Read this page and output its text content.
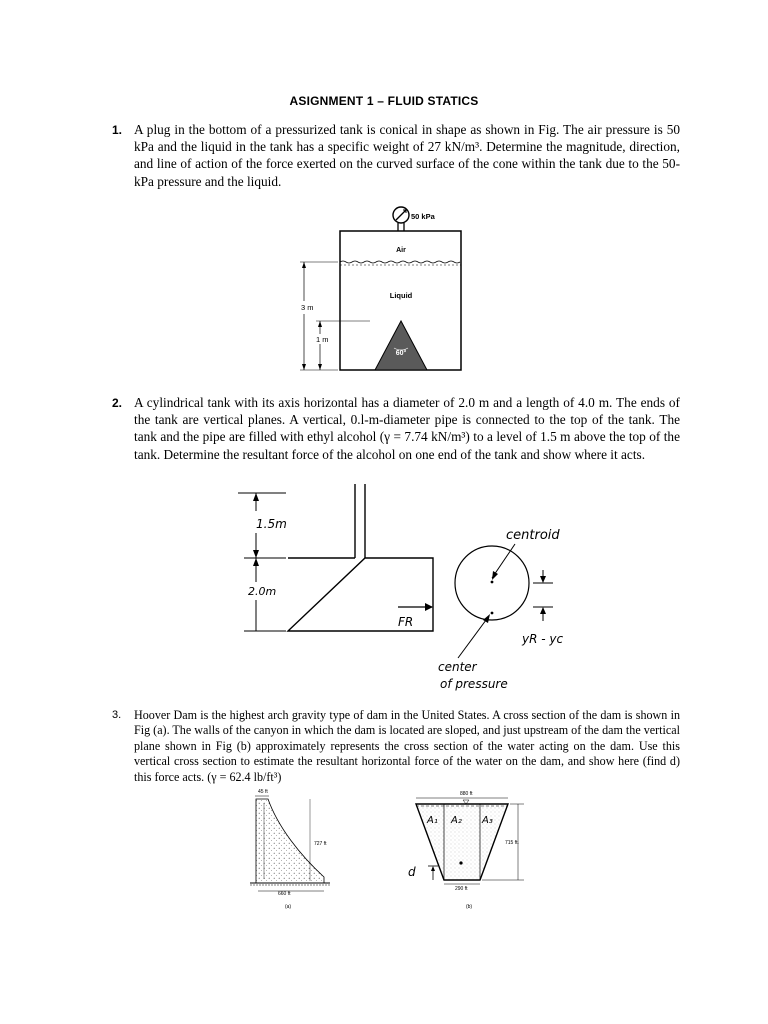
ASIGNMENT 1 – FLUID STATICS
1. A plug in the bottom of a pressurized tank is conical in shape as shown in Fig. The air pressure is 50 kPa and the liquid in the tank has a specific weight of 27 kN/m³. Determine the magnitude, direction, and line of action of the force exerted on the curved surface of the cone within the tank due to the 50-kPa pressure and the liquid.
50 kPa
Air
Liquid
60°
3 m
1 m
2. A cylindrical tank with its axis horizontal has a diameter of 2.0 m and a length of 4.0 m. The ends of the tank are vertical planes. A vertical, 0.l-m-diameter pipe is connected to the top of the tank. The tank and the pipe are filled with ethyl alcohol (γ = 7.74 kN/m³) to a level of 1.5 m above the top of the tank. Determine the resultant force of the alcohol on one end of the tank and show where it acts.
FR
1.5m
2.0m
centroid
center
of pressure
yR - yc
3. Hoover Dam is the highest arch gravity type of dam in the United States. A cross section of the dam is shown in Fig (a). The walls of the canyon in which the dam is located are sloped, and just upstream of the dam the vertical plane shown in Fig (b) approximately represents the cross section of the water acting on the dam. Use this vertical cross section to estimate the resultant horizontal force of the water on the dam, and show here (find d) this force acts. (γ = 62.4 lb/ft³)
45 ft
727 ft
660 ft
(a)
880 ft
A₁ A₂ A₃
d
715 ft.
290 ft
(b)
